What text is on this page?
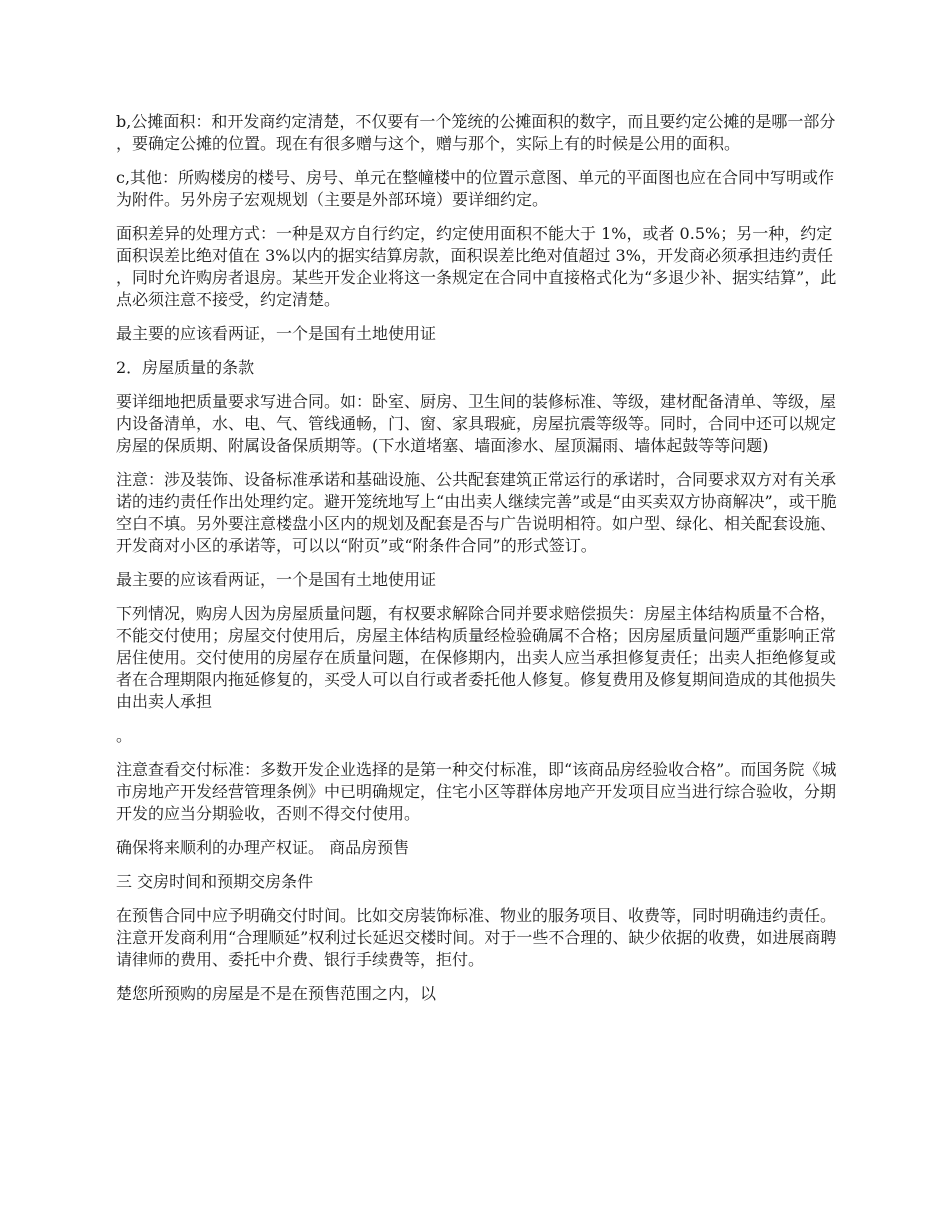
b,公摊面积：和开发商约定清楚，不仅要有一个笼统的公摊面积的数字，而且要约定公摊的是哪一部分，要确定公摊的位置。现在有很多赠与这个，赠与那个，实际上有的时候是公用的面积。

c,其他：所购楼房的楼号、房号、单元在整幢楼中的位置示意图、单元的平面图也应在合同中写明或作为附件。另外房子宏观规划（主要是外部环境）要详细约定。

面积差异的处理方式：一种是双方自行约定，约定使用面积不能大于 1%，或者 0.5%；另一种，约定面积误差比绝对值在 3%以内的据实结算房款，面积误差比绝对值超过 3%，开发商必须承担违约责任，同时允许购房者退房。某些开发企业将这一条规定在合同中直接格式化为“多退少补、据实结算”，此点必须注意不接受，约定清楚。

最主要的应该看两证，一个是国有土地使用证

2．房屋质量的条款

要详细地把质量要求写进合同。如：卧室、厨房、卫生间的装修标准、等级，建材配备清单、等级，屋内设备清单，水、电、气、管线通畅，门、窗、家具瑕疵，房屋抗震等级等。同时，合同中还可以规定房屋的保质期、附属设备保质期等。(下水道堵塞、墙面渗水、屋顶漏雨、墙体起鼓等等问题)

注意：涉及装饰、设备标准承诺和基础设施、公共配套建筑正常运行的承诺时，合同要求双方对有关承诺的违约责任作出处理约定。避开笼统地写上“由出卖人继续完善”或是“由买卖双方协商解决”，或干脆空白不填。另外要注意楼盘小区内的规划及配套是否与广告说明相符。如户型、绿化、相关配套设施、开发商对小区的承诺等，可以以“附页”或“附条件合同”的形式签订。

最主要的应该看两证，一个是国有土地使用证

下列情况，购房人因为房屋质量问题，有权要求解除合同并要求赔偿损失：房屋主体结构质量不合格，不能交付使用；房屋交付使用后，房屋主体结构质量经检验确属不合格；因房屋质量问题严重影响正常居住使用。交付使用的房屋存在质量问题，在保修期内，出卖人应当承担修复责任；出卖人拒绝修复或者在合理期限内拖延修复的，买受人可以自行或者委托他人修复。修复费用及修复期间造成的其他损失由出卖人承担

。

注意查看交付标准：多数开发企业选择的是第一种交付标准，即“该商品房经验收合格”。而国务院《城市房地产开发经营管理条例》中已明确规定，住宅小区等群体房地产开发项目应当进行综合验收，分期开发的应当分期验收，否则不得交付使用。

确保将来顺利的办理产权证。 商品房预售

三 交房时间和预期交房条件

在预售合同中应予明确交付时间。比如交房装饰标准、物业的服务项目、收费等，同时明确违约责任。注意开发商利用“合理顺延”权利过长延迟交楼时间。对于一些不合理的、缺少依据的收费，如进展商聘请律师的费用、委托中介费、银行手续费等，拒付。

楚您所预购的房屋是不是在预售范围之内，以
